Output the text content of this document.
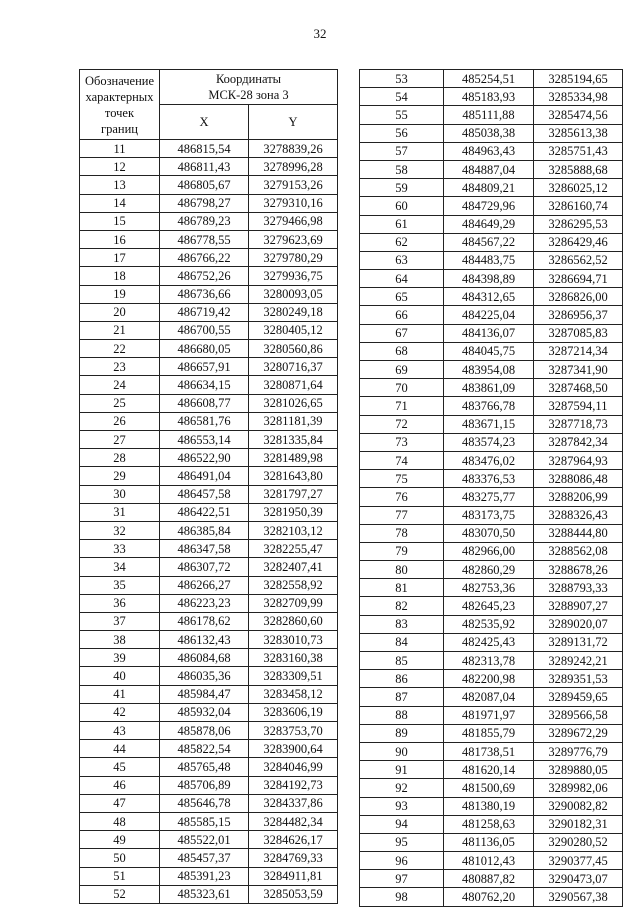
32
Обозначение
характерных
точек
границ	Координаты
МСК-28 зона 3	

	X	Y
11	486815,54	3278839,26
12	486811,43	3278996,28
13	486805,67	3279153,26
14	486798,27	3279310,16
15	486789,23	3279466,98
16	486778,55	3279623,69
17	486766,22	3279780,29
18	486752,26	3279936,75
19	486736,66	3280093,05
20	486719,42	3280249,18
21	486700,55	3280405,12
22	486680,05	3280560,86
23	486657,91	3280716,37
24	486634,15	3280871,64
25	486608,77	3281026,65
26	486581,76	3281181,39
27	486553,14	3281335,84
28	486522,90	3281489,98
29	486491,04	3281643,80
30	486457,58	3281797,27
31	486422,51	3281950,39
32	486385,84	3282103,12
33	486347,58	3282255,47
34	486307,72	3282407,41
35	486266,27	3282558,92
36	486223,23	3282709,99
37	486178,62	3282860,60
38	486132,43	3283010,73
39	486084,68	3283160,38
40	486035,36	3283309,51
41	485984,47	3283458,12
42	485932,04	3283606,19
43	485878,06	3283753,70
44	485822,54	3283900,64
45	485765,48	3284046,99
46	485706,89	3284192,73
47	485646,78	3284337,86
48	485585,15	3284482,34
49	485522,01	3284626,17
50	485457,37	3284769,33
51	485391,23	3284911,81
52	485323,61	3285053,59
53	485254,51	3285194,65
54	485183,93	3285334,98
55	485111,88	3285474,56
56	485038,38	3285613,38
57	484963,43	3285751,43
58	484887,04	3285888,68
59	484809,21	3286025,12
60	484729,96	3286160,74
61	484649,29	3286295,53
62	484567,22	3286429,46
63	484483,75	3286562,52
64	484398,89	3286694,71
65	484312,65	3286826,00
66	484225,04	3286956,37
67	484136,07	3287085,83
68	484045,75	3287214,34
69	483954,08	3287341,90
70	483861,09	3287468,50
71	483766,78	3287594,11
72	483671,15	3287718,73
73	483574,23	3287842,34
74	483476,02	3287964,93
75	483376,53	3288086,48
76	483275,77	3288206,99
77	483173,75	3288326,43
78	483070,50	3288444,80
79	482966,00	3288562,08
80	482860,29	3288678,26
81	482753,36	3288793,33
82	482645,23	3288907,27
83	482535,92	3289020,07
84	482425,43	3289131,72
85	482313,78	3289242,21
86	482200,98	3289351,53
87	482087,04	3289459,65
88	481971,97	3289566,58
89	481855,79	3289672,29
90	481738,51	3289776,79
91	481620,14	3289880,05
92	481500,69	3289982,06
93	481380,19	3290082,82
94	481258,63	3290182,31
95	481136,05	3290280,52
96	481012,43	3290377,45
97	480887,82	3290473,07
98	480762,20	3290567,38
